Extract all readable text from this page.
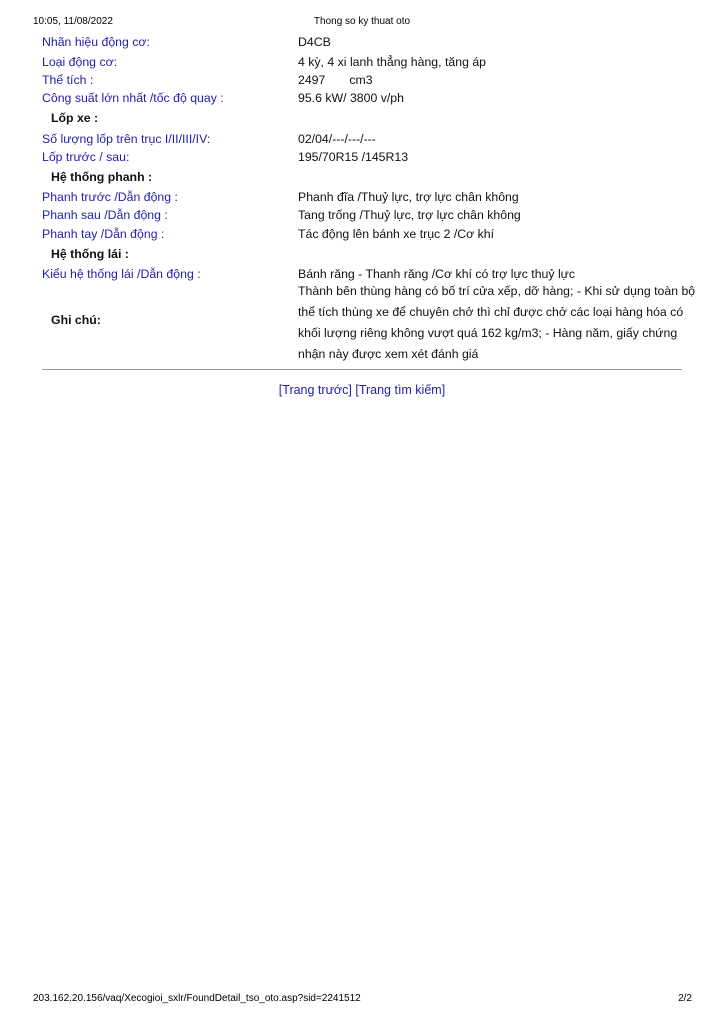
10:05, 11/08/2022	Thong so ky thuat oto
Nhãn hiệu động cơ:	D4CB
Loại động cơ:	4 kỳ, 4 xi lanh thẳng hàng, tăng áp
Thể tích :	2497 cm3
Công suất lớn nhất /tốc độ quay :	95.6 kW/ 3800 v/ph
Lốp xe :
Số lượng lốp trên trục I/II/III/IV:	02/04/---/---/---
Lốp trước / sau:	195/70R15 /145R13
Hệ thống phanh :
Phanh trước /Dẫn động :	Phanh đĩa /Thuỷ lực, trợ lực chân không
Phanh sau /Dẫn động :	Tang trống /Thuỷ lực, trợ lực chân không
Phanh tay /Dẫn động :	Tác động lên bánh xe trục 2 /Cơ khí
Hệ thống lái :
Kiểu hệ thống lái /Dẫn động :	Bánh răng - Thanh răng /Cơ khí có trợ lực thuỷ lực
Ghi chú:
Thành bên thùng hàng có bố trí cửa xếp, dỡ hàng; - Khi sử dụng toàn bộ thể tích thùng xe để chuyên chở thì chỉ được chở các loại hàng hóa có khối lượng riêng không vượt quá 162 kg/m3; - Hàng năm, giấy chứng nhận này được xem xét đánh giá
[Trang trước] [Trang tìm kiếm]
203.162.20.156/vaq/Xecogioi_sxlr/FoundDetail_tso_oto.asp?sid=2241512	2/2
